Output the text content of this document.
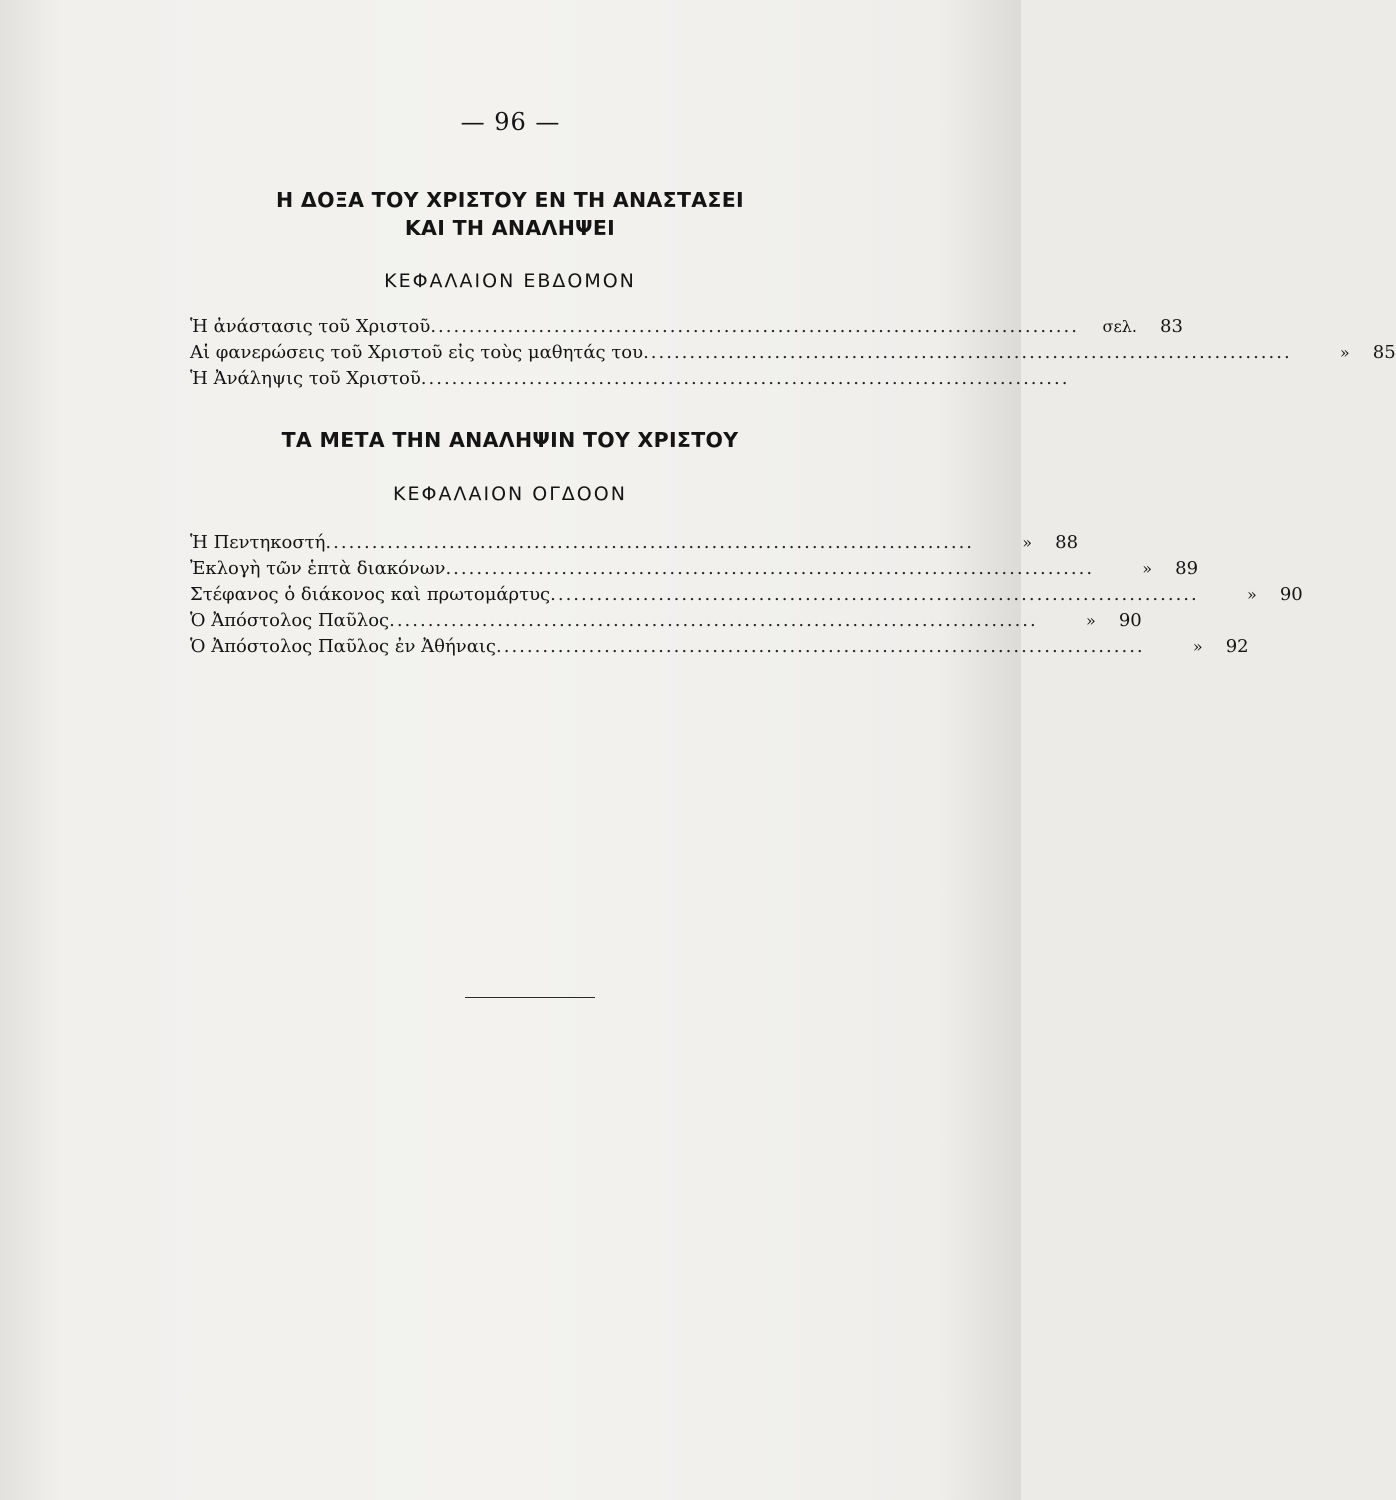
— 96 —
Η ΔΟΞΑ ΤΟΥ ΧΡΙΣΤΟΥ ΕΝ ΤΗ ΑΝΑΣΤΑΣΕΙ
ΚΑΙ ΤΗ ΑΝΑΛΗΨΕΙ
ΚΕΦΑΛΑΙΟΝ ΕΒΔΟΜΟΝ
Ἡ ἀνάστασις τοῦ Χριστοῦ ....................................................................................	σελ.	83
Αἱ φανερώσεις τοῦ Χριστοῦ εἰς τοὺς μαθητάς του ....................................................................................	»	85
Ἡ Ἀνάληψις τοῦ Χριστοῦ ....................................................................................
ΤΑ ΜΕΤΑ ΤΗΝ ΑΝΑΛΗΨΙΝ ΤΟΥ ΧΡΙΣΤΟΥ
ΚΕΦΑΛΑΙΟΝ ΟΓΔΟΟΝ
Ἡ Πεντηκοστή ....................................................................................	»	88
Ἐκλογὴ τῶν ἑπτὰ διακόνων ....................................................................................	»	89
Στέφανος ὁ διάκονος καὶ πρωτομάρτυς ....................................................................................	»	90
Ὁ Ἀπόστολος Παῦλος ....................................................................................	»	90
Ὁ Ἀπόστολος Παῦλος ἐν Ἀθήναις ....................................................................................	»	92
